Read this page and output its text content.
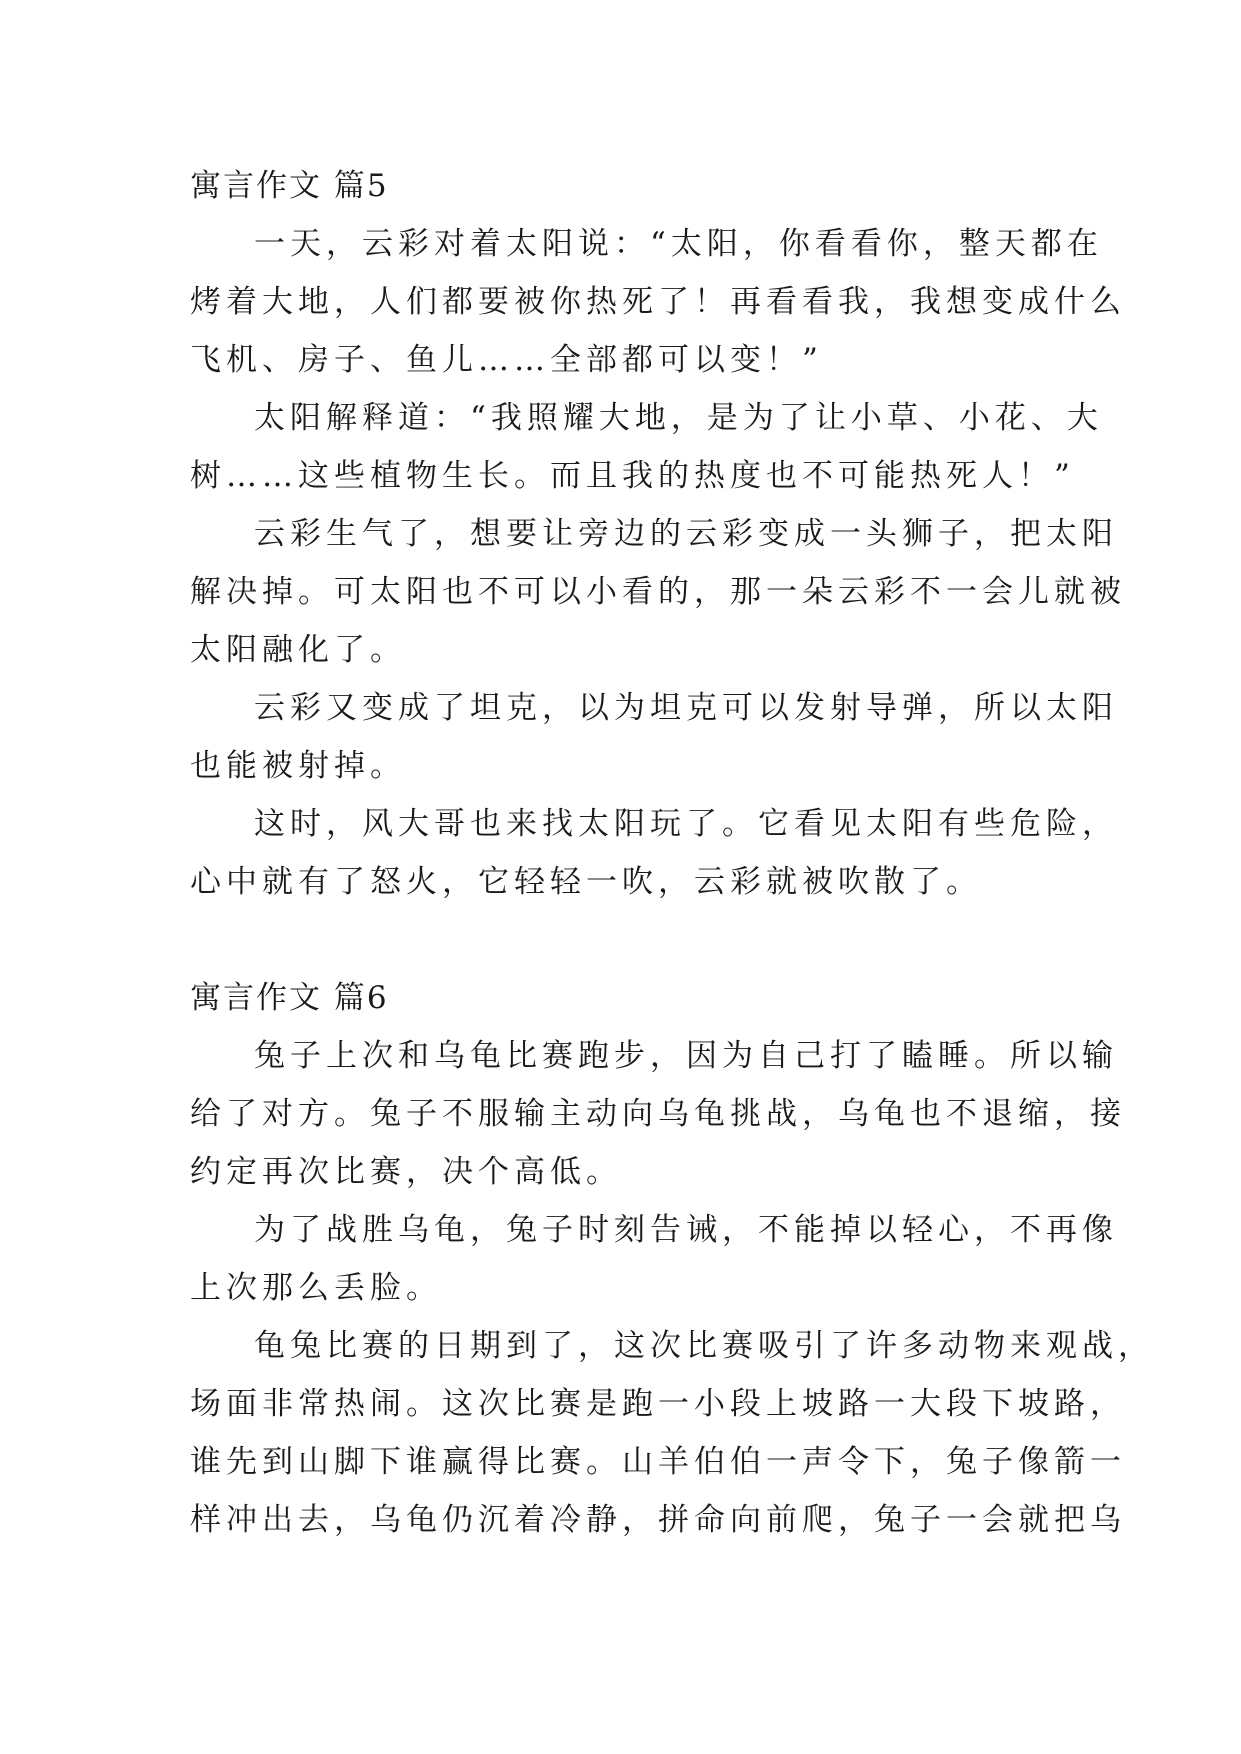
寓言作文 篇5
一天，云彩对着太阳说：“太阳，你看看你，整天都在
烤着大地，人们都要被你热死了！再看看我，我想变成什么
飞机、房子、鱼儿……全部都可以变！”
太阳解释道：“我照耀大地，是为了让小草、小花、大
树……这些植物生长。而且我的热度也不可能热死人！”
云彩生气了，想要让旁边的云彩变成一头狮子，把太阳
解决掉。可太阳也不可以小看的，那一朵云彩不一会儿就被
太阳融化了。
云彩又变成了坦克，以为坦克可以发射导弹，所以太阳
也能被射掉。
这时，风大哥也来找太阳玩了。它看见太阳有些危险，
心中就有了怒火，它轻轻一吹，云彩就被吹散了。
寓言作文 篇6
兔子上次和乌龟比赛跑步，因为自己打了瞌睡。所以输
给了对方。兔子不服输主动向乌龟挑战，乌龟也不退缩，接
约定再次比赛，决个高低。
为了战胜乌龟，兔子时刻告诫，不能掉以轻心，不再像
上次那么丢脸。
龟兔比赛的日期到了，这次比赛吸引了许多动物来观战，
场面非常热闹。这次比赛是跑一小段上坡路一大段下坡路，
谁先到山脚下谁赢得比赛。山羊伯伯一声令下，兔子像箭一
样冲出去，乌龟仍沉着冷静，拼命向前爬，兔子一会就把乌
